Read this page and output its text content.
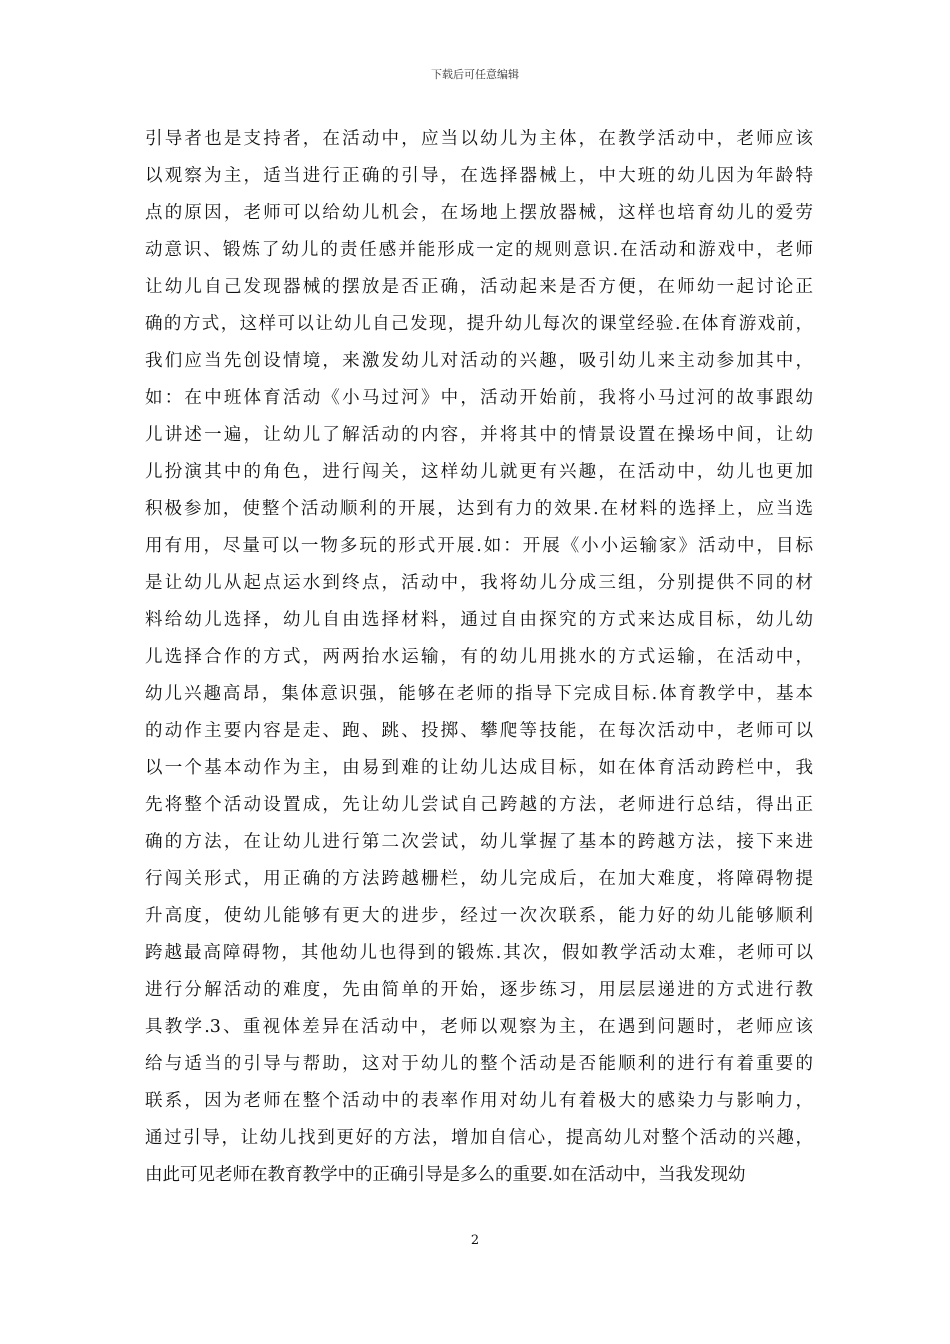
下载后可任意编辑
引导者也是支持者，在活动中，应当以幼儿为主体，在教学活动中，老师应该
以观察为主，适当进行正确的引导，在选择器械上，中大班的幼儿因为年龄特
点的原因，老师可以给幼儿机会，在场地上摆放器械，这样也培育幼儿的爱劳
动意识、锻炼了幼儿的责任感并能形成一定的规则意识.在活动和游戏中，老师
让幼儿自己发现器械的摆放是否正确，活动起来是否方便，在师幼一起讨论正
确的方式，这样可以让幼儿自己发现，提升幼儿每次的课堂经验.在体育游戏前，
我们应当先创设情境，来激发幼儿对活动的兴趣，吸引幼儿来主动参加其中，
如：在中班体育活动《小马过河》中，活动开始前，我将小马过河的故事跟幼
儿讲述一遍，让幼儿了解活动的内容，并将其中的情景设置在操场中间，让幼
儿扮演其中的角色，进行闯关，这样幼儿就更有兴趣，在活动中，幼儿也更加
积极参加，使整个活动顺利的开展，达到有力的效果.在材料的选择上，应当选
用有用，尽量可以一物多玩的形式开展.如：开展《小小运输家》活动中，目标
是让幼儿从起点运水到终点，活动中，我将幼儿分成三组，分别提供不同的材
料给幼儿选择，幼儿自由选择材料，通过自由探究的方式来达成目标，幼儿幼
儿选择合作的方式，两两抬水运输，有的幼儿用挑水的方式运输，在活动中，
幼儿兴趣高昂，集体意识强，能够在老师的指导下完成目标.体育教学中，基本
的动作主要内容是走、跑、跳、投掷、攀爬等技能，在每次活动中，老师可以
以一个基本动作为主，由易到难的让幼儿达成目标，如在体育活动跨栏中，我
先将整个活动设置成，先让幼儿尝试自己跨越的方法，老师进行总结，得出正
确的方法，在让幼儿进行第二次尝试，幼儿掌握了基本的跨越方法，接下来进
行闯关形式，用正确的方法跨越栅栏，幼儿完成后，在加大难度，将障碍物提
升高度，使幼儿能够有更大的进步，经过一次次联系，能力好的幼儿能够顺利
跨越最高障碍物，其他幼儿也得到的锻炼.其次，假如教学活动太难，老师可以
进行分解活动的难度，先由简单的开始，逐步练习，用层层递进的方式进行教
具教学.3、重视体差异在活动中，老师以观察为主，在遇到问题时，老师应该
给与适当的引导与帮助，这对于幼儿的整个活动是否能顺利的进行有着重要的
联系，因为老师在整个活动中的表率作用对幼儿有着极大的感染力与影响力，
通过引导，让幼儿找到更好的方法，增加自信心，提高幼儿对整个活动的兴趣，
由此可见老师在教育教学中的正确引导是多么的重要.如在活动中，当我发现幼
2
